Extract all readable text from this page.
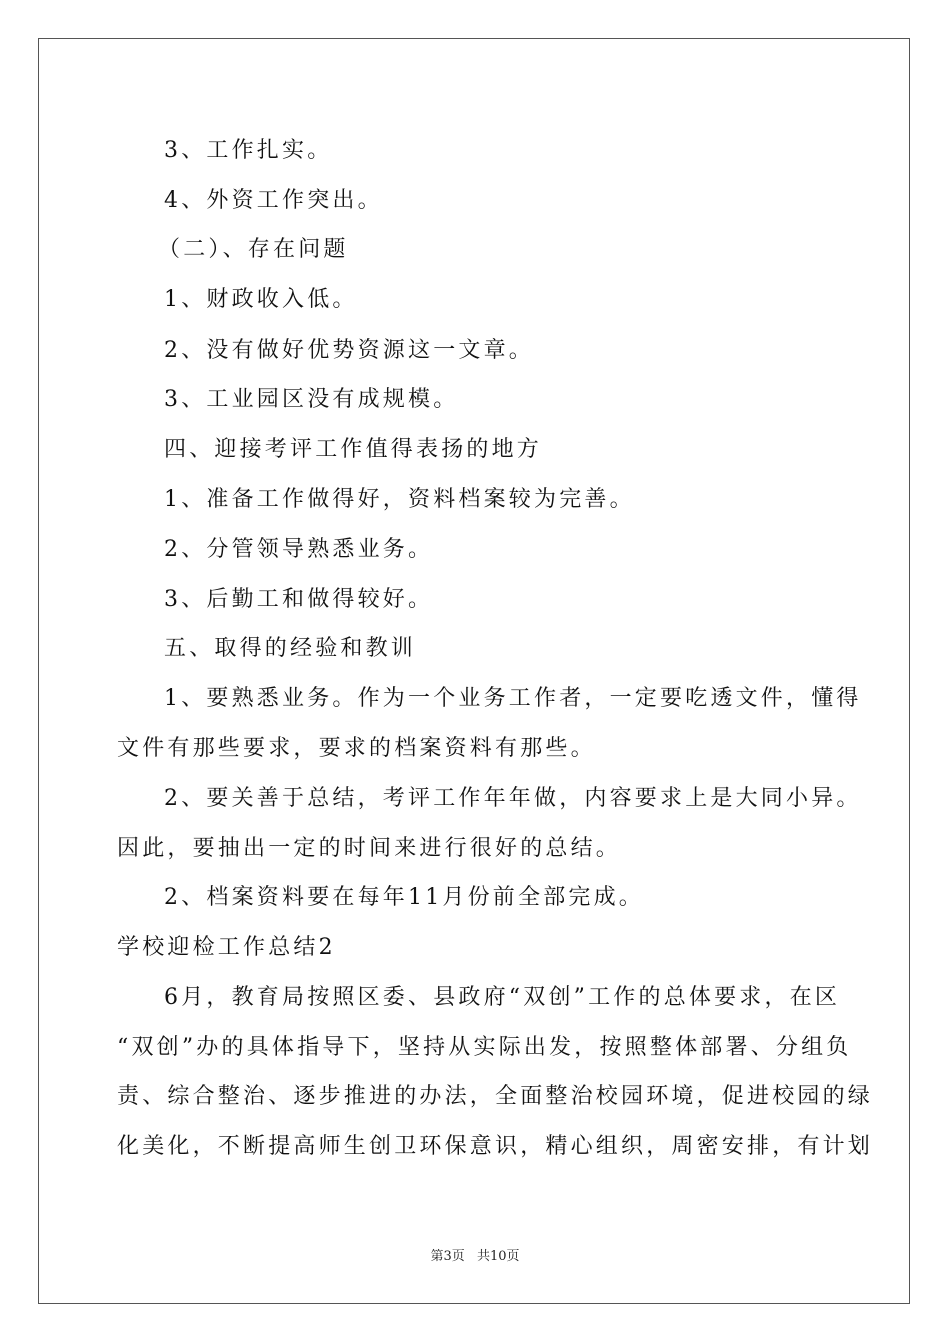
3、工作扎实。
4、外资工作突出。
（二）、存在问题
1、财政收入低。
2、没有做好优势资源这一文章。
3、工业园区没有成规模。
四、迎接考评工作值得表扬的地方
1、准备工作做得好，资料档案较为完善。
2、分管领导熟悉业务。
3、后勤工和做得较好。
五、取得的经验和教训
1、要熟悉业务。作为一个业务工作者，一定要吃透文件，懂得
文件有那些要求，要求的档案资料有那些。
2、要关善于总结，考评工作年年做，内容要求上是大同小异。
因此，要抽出一定的时间来进行很好的总结。
2、档案资料要在每年11月份前全部完成。
学校迎检工作总结2
6月，教育局按照区委、县政府“双创”工作的总体要求，在区
“双创”办的具体指导下，坚持从实际出发，按照整体部署、分组负
责、综合整治、逐步推进的办法，全面整治校园环境，促进校园的绿
化美化，不断提高师生创卫环保意识，精心组织，周密安排，有计划
第3页 共10页
